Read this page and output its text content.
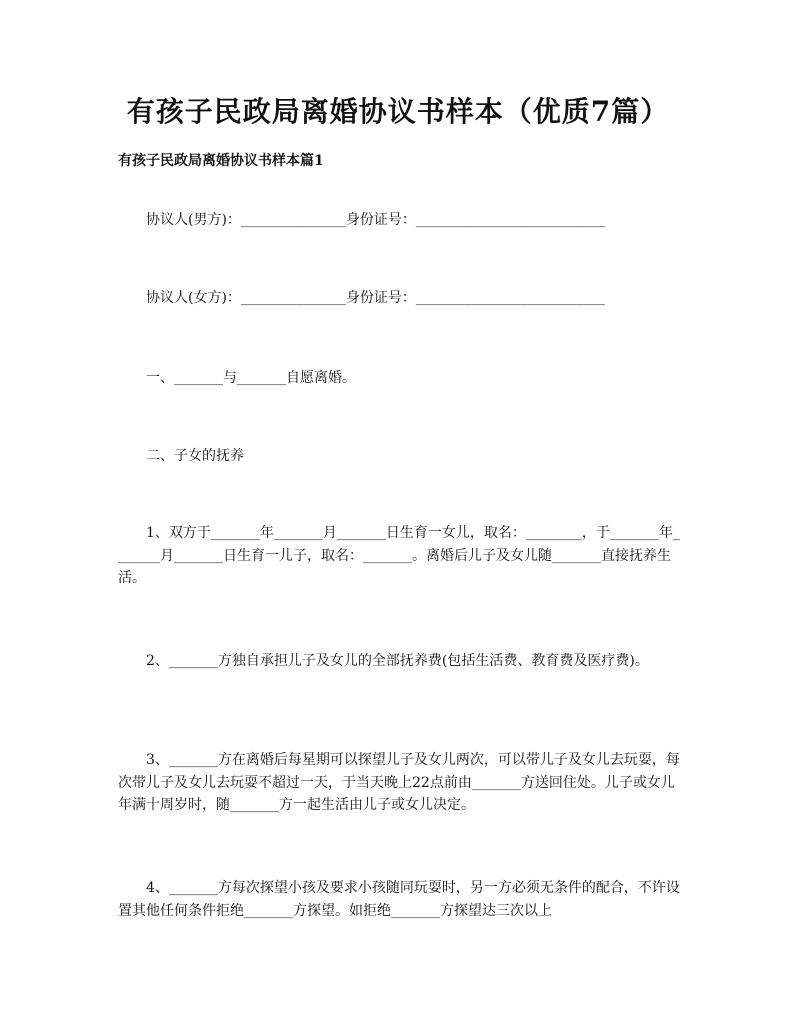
有孩子民政局离婚协议书样本（优质7篇）
有孩子民政局离婚协议书样本篇1
协议人(男方)：_______________身份证号：___________________________
协议人(女方)：_______________身份证号：___________________________
一、_______与_______自愿离婚。
二、子女的抚养
1、双方于_______年_______月_______日生育一女儿，取名：________，于_______年_______月_______日生育一儿子，取名：_______。离婚后儿子及女儿随_______直接抚养生活。
2、_______方独自承担儿子及女儿的全部抚养费(包括生活费、教育费及医疗费)。
3、_______方在离婚后每星期可以探望儿子及女儿两次，可以带儿子及女儿去玩耍，每次带儿子及女儿去玩耍不超过一天，于当天晚上22点前由_______方送回住处。儿子或女儿年满十周岁时，随_______方一起生活由儿子或女儿决定。
4、_______方每次探望小孩及要求小孩随同玩耍时，另一方必须无条件的配合，不许设置其他任何条件拒绝_______方探望。如拒绝_______方探望达三次以上
